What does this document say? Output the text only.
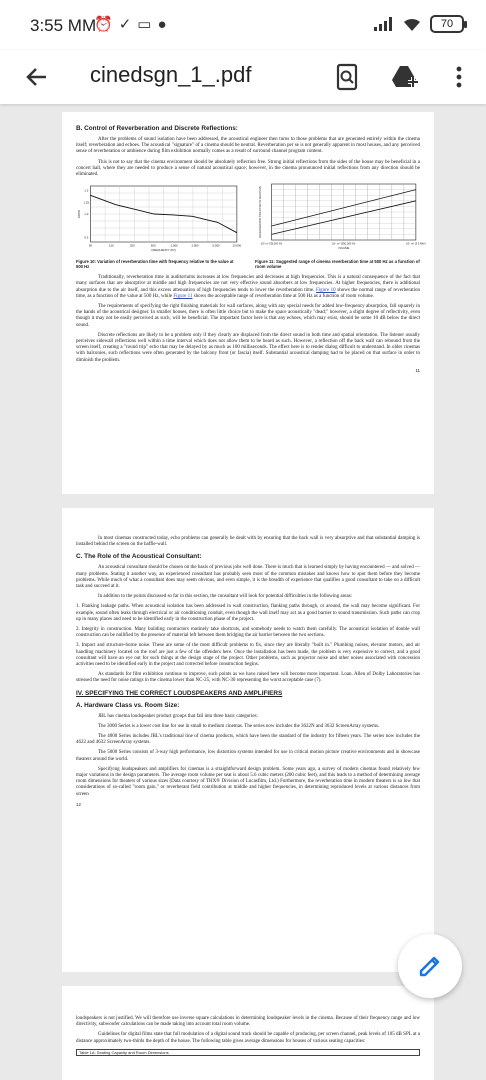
3:55 MM
⏰ ✓ ▭ ●	70
cinedsgn_1_.pdf
B. Control of Reverberation and Discrete Reflections:

After the problems of sound isolation have been addressed, the acoustical engineer then turns to those problems that are generated entirely within the cinema itself; reverberation and echoes. The acoustical "signature" of a cinema should be neutral. Reverberation per se is not generally apparent in most houses, and any perceived sense of reverberation or ambience during film exhibition normally comes as a result of surround channel program content.

This is not to say that the cinema environment should be absolutely reflection free. Strong initial reflections from the sides of the house may be beneficial in a concert hall, where they are needed to produce a sense of natural acoustical space; however, in the cinema pronounced initial reflections from any direction should be eliminated.

50	125	250	500	1,000	2,000	5,000	10,000
1.5
1.25
1.0
0.5
FREQUENCY (Hz)
RATIO
Figure 10: Variation of reverberation time with frequency relative to the value at 500 Hz
10³ m³ (35,000 ft³)	10⁴ m³ (350,000 ft³)	10⁵ m³ (3.5 Mft³)
VOLUME
REVERBERATION TIME AT 500 Hz (SECONDS)
Figure 11: Suggested range of cinema reverberation time at 500 Hz as a function of room volume

Traditionally, reverberation time in auditoriums increases at low frequencies and decreases at high frequencies. This is a natural consequence of the fact that many surfaces that are absorptive at middle and high frequencies are not very effective sound absorbers at low frequencies. At higher frequencies, there is additional absorption due to the air itself, and this excess attenuation of high frequencies tends to lower the reverberation time. Figure 10 shows the normal range of reverberation time, as a function of the value at 500 Hz, while Figure 11 shows the acceptable range of reverberation time at 500 Hz as a function of room volume.

The requirements of specifying the right finishing materials for wall surfaces, along with any special needs for added low-frequency absorption, fall squarely in the hands of the acoustical designer. In smaller houses, there is often little choice but to make the space acoustically "dead;" however, a slight degree of reflectivity, even though it may not be easily perceived as such, will be beneficial. The important factor here is that any echoes, which may exist, should be some 10 dB below the direct sound.

Discrete reflections are likely to be a problem only if they clearly are displaced from the direct sound in both time and spatial orientation. The listener usually perceives sidewall reflections well within a time interval which does not allow them to be heard as such. However, a reflection off the back wall can rebound from the screen itself, creating a "round trip" echo that may be delayed by as much as 100 milliseconds. The effect here is to render dialog difficult to understand. In older cinemas with balconies, such reflections were often generated by the balcony front (or fascia) itself. Substantial acoustical damping had to be placed on that surface in order to diminish the problem.

11

In most cinemas constructed today, echo problems can generally be dealt with by ensuring that the back wall is very absorptive and that substantial damping is installed behind the screen on the baffle-wall.

C. The Role of the Acoustical Consultant:

An acoustical consultant should be chosen on the basis of previous jobs well done. There is much that is learned simply by having encountered — and solved — many problems. Stating it another way, an experienced consultant has probably seen most of the common mistakes and knows how to spot them before they become problems. While much of what a consultant does may seem obvious, and even simple, it is the breadth of experience that qualifies a good consultant to take on a difficult task and succeed at it.

In addition to the points discussed so far in this section, the consultant will look for potential difficulties in the following areas:

1. Flanking leakage paths. When acoustical isolation has been addressed in wall construction, flanking paths through, or around, the wall may become significant. For example, sound often leaks through electrical or air conditioning conduit, even though the wall itself may act as a good barrier to sound transmission. Such paths can crop up in many places and need to be identified early in the construction phase of the project.

2. Integrity in construction. Many building contractors routinely take shortcuts, and somebody needs to watch them carefully. The acoustical isolation of double wall construction can be nullified by the presence of material left between them bridging the air barrier between the two sections.

3. Impact and structure-borne noise. These are some of the most difficult problems to fix, since they are literally "built in." Plumbing noises, elevator motors, and air handling machinery located on the roof are just a few of the offenders here. Once the installation has been made, the problem is very expensive to correct, and a good consultant will have an eye out for such things at the design stage of the project. Other problems, such as projector noise and other noises associated with concession activities need to be identified early in the project and corrected before construction begins.

As standards for film exhibition continue to improve, such points as we have raised here will become more important. Loan. Allen of Dolby Laboratories has stressed the need for noise ratings in the cinema lower than NC-25, with NC-30 representing the worst acceptable case (7).

IV. SPECIFYING THE CORRECT LOUDSPEAKERS AND AMPLIFIERS
A. Hardware Class vs. Room Size:

JBL has cinema loudspeaker product groups that fall into three basic categories:

The 3000 Series is a lower cost line for use in small to medium cinemas. The series now includes the 3622N and 3632 ScreenArray systems.

The 4000 Series includes JBL's traditional line of cinema products, which have been the standard of the industry for fifteen years. The series now includes the 4622 and 4632 ScreenArray systems.

The 5000 Series consists of 3-way high performance, low distortion systems intended for use in critical motion picture creative environments and in showcase theaters around the world.

Specifying loudspeakers and amplifiers for cinemas is a straightforward design problem. Some years ago, a survey of modern cinemas found relatively few major variations in the design parameters. The average room volume per seat is about 5.6 cubic meters (200 cubic feet), and this leads to a method of determining average room dimensions for theaters of various sizes (Data courtesy of THX® Division of Lucasfilm, Ltd.) Furthermore, the reverberation time in modern theaters is so low that considerations of so-called "room gain," or reverberant field contribution at middle and higher frequencies, in determining reproduced levels at various distances from screen

12

loudspeakers is not justified. We will therefore use inverse square calculations in determining loudspeaker levels in the cinema. Because of their frequency range and low directivity, subwoofer calculations can be made taking into account total room volume.

Guidelines for digital films state that full modulation of a digital sound track should be capable of producing, per screen channel, peak levels of 105 dB SPL at a distance approximately two-thirds the depth of the house. The following table gives average dimensions for houses of various seating capacities:

Table 1A: Seating Capacity and Room Dimensions
